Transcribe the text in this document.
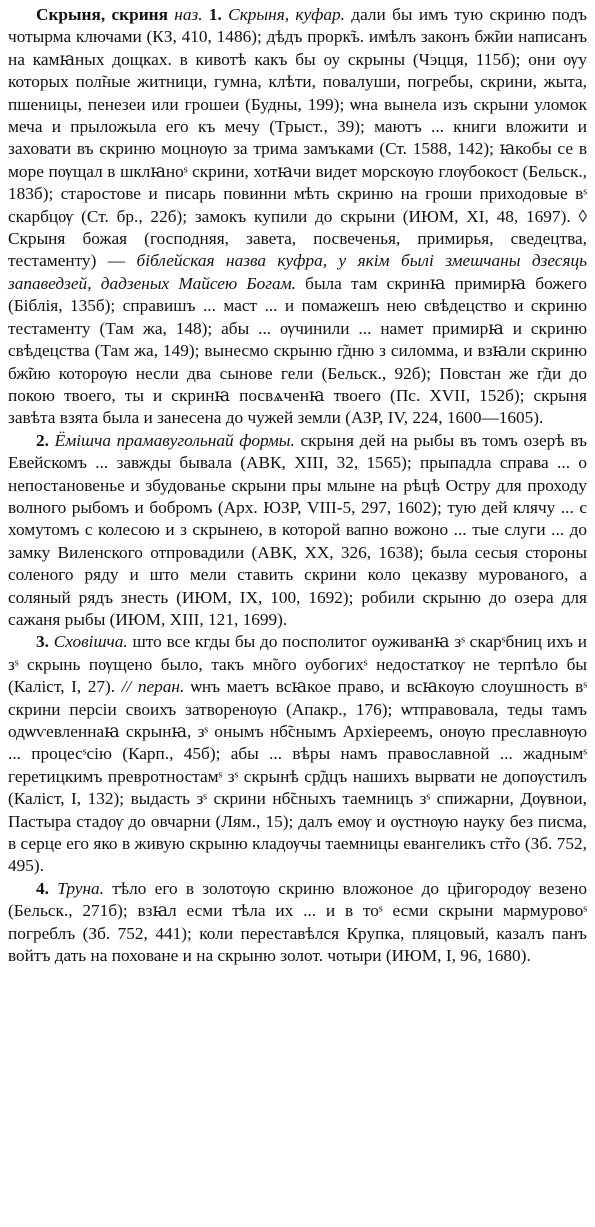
Скрыня, скриня наз. 1. Скрыня, куфар. дали бы имъ тую скриню подъ чотырма ключами (КЗ, 410, 1486); дѣдъ прорк̃ъ. имѣлъ законъ бж̃ии написанъ на камꙗных дощках. в кивотѣ какъ бы оу скрыны (Чэцця, 115б); они ѹу которых пол̃ные житници, гумна, клѣти, повалуши, погребы, скрини, жыта, пшеницы, пенезеи или грошеи (Будны, 199); ѡна вынела изъ скрыни уломок меча и прыложыла его къ мечу (Трыст., 39); маютъ ... книги вложити и заховати въ скриню моцнѹю за трима замъками (Ст. 1588, 142); ꙗкобы се в море пѹщал в шклꙗнoˢ скрини, хотꙗчи видет морскѹю глѹбокост (Бельск., 183б); старостове и писарь повинни мѣть скриню на гроши приходовые вˢ скарбцѹ (Ст. бр., 22б); замокъ купили до скрыни (ИЮМ, XI, 48, 1697). ◊ Скрыня божая (господняя, завета, посвеченья, примирья, сведецтва, тестаменту) — біблейская назва куфра, у якім былі змешчаны дзесяць запаведзей, дадзеных Майсею Богам. была там скринꙗ примирꙗ божего (Біблія, 135б); справишъ ... маст ... и помажешъ нею свѣдецство и скриню тестаменту (Там жа, 148); абы ... ѹчинили ... намет примирꙗ и скриню свѣдецства (Там жа, 149); вынесмо скрыню г̃дню з силомма, и взꙗли скриню бж̃ию которѹю несли два сынове гели (Бельск., 92б); Повстан же г̃ди до покою твоего, ты и скринꙗ посвѧченꙗ твоего (Пс. XVII, 152б); скрыня завѣта взята была и занесена до чужей земли (АЗР, IV, 224, 1600—1605).

2. Ёмішча прамавугольнай формы. скрыня дей на рыбы въ томъ озерѣ въ Евейскомъ ... завжды бывала (АВК, XIII, 32, 1565); прыпадла справа ... о непостановенье и збудованье скрыни пры млыне на рѣцѣ Остру для проходу волного рыбомъ и бобромъ (Арх. ЮЗР, VIII-5, 297, 1602); тую дей клячу ... с хомутомъ с колесою и з скрынею, в которой вапно вожоно ... тые слуги ... до замку Виленского отпровадили (АВК, XX, 326, 1638); была сесыя стороны соленого ряду и што мели ставить скрини коло цеказву мурованого, а соляный рядъ знесть (ИЮМ, IX, 100, 1692); робили скрыню до озера для сажаня рыбы (ИЮМ, XIII, 121, 1699).

3. Сховішча. што все кгды бы до посполитог оуживанꙗ зˢ скарˢбниц ихъ и зˢ скрынь пѹщено было, такъ мн̃ого оубогихˢ недостаткѹ не терпѣло бы (Каліст, I, 27). // перан. ѡнъ маетъ всꙗкое право, и всꙗкѹю слоушность вˢ скрини персіи своихъ затворенѹю (Апакр., 176); ѡтправовала, теды тамъ одѡѵевленнаꙗ скрынꙗ, зˢ онымъ нб̃снымъ Архіереемъ, онѹю преславнѹю ... процесˢсію (Карп., 45б); абы ... вѣры намъ православной ... жаднымˢ геретицкимъ превротностамˢ зˢ скрынѣ ср̃дцъ нашихъ вырвати не допѹстилъ (Каліст, I, 132); выдасть зˢ скрини нб̃сныхъ таемницъ зˢ спижарни, Дѹвнои, Пастыра стадѹ до овчарни (Лям., 15); далъ емѹ и ѹстнѹю науку без писма, в серце его яко в живую скрыню кладѹчы таемницы евангеликъ ст̃го (Зб. 752, 495).

4. Труна. тѣло его в золотѹю скриню вложоное до ц̃ригородѹ везено (Бельск., 271б); взꙗл есми тѣла их ... и в тоˢ есми скрыни мармуровоˢ погреблъ (Зб. 752, 441); коли переставѣлся Крупка, пляцовый, казалъ панъ войтъ дать на поховане и на скрыню золот. чотыри (ИЮМ, I, 96, 1680).
